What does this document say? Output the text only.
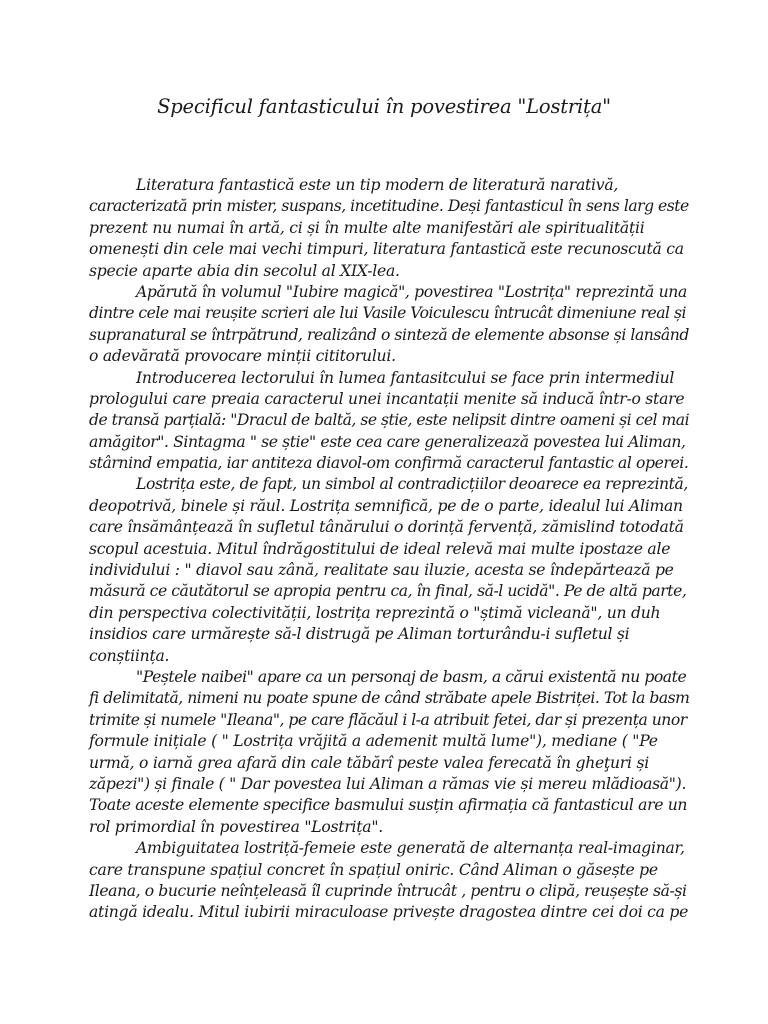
Specificul fantasticului în povestirea "Lostrița"
Literatura fantastică este un tip modern de literatură narativă,
caracterizată prin mister, suspans, incetitudine. Deși fantasticul în sens larg este
prezent nu numai în artă, ci și în multe alte manifestări ale spiritualității
omenești din cele mai vechi timpuri, literatura fantastică este recunoscută ca
specie aparte abia din secolul al XIX-lea.
Apărută în volumul "Iubire magică", povestirea "Lostrița" reprezintă una
dintre cele mai reușite scrieri ale lui Vasile Voiculescu întrucât dimeniune real și
supranatural se întrpătrund, realizând o sinteză de elemente absonse și lansând
o adevărată provocare minții cititorului.
Introducerea lectorului în lumea fantasitcului se face prin intermediul
prologului care preaia caracterul unei incantații menite să inducă într-o stare
de transă parțială: "Dracul de baltă, se știe, este nelipsit dintre oameni și cel mai
amăgitor". Sintagma " se știe" este cea care generalizează povestea lui Aliman,
stârnind empatia, iar antiteza diavol-om confirmă caracterul fantastic al operei.
Lostrița este, de fapt, un simbol al contradicțiilor deoarece ea reprezintă,
deopotrivă, binele și răul. Lostrița semnifică, pe de o parte, idealul lui Aliman
care însămânțează în sufletul tânărului o dorință fervență, zămislind totodată
scopul acestuia. Mitul îndrăgostitului de ideal relevă mai multe ipostaze ale
individului : " diavol sau zână, realitate sau iluzie, acesta se îndepărtează pe
măsură ce căutătorul se apropia pentru ca, în final, să-l ucidă". Pe de altă parte,
din perspectiva colectivității, lostrița reprezintă o "știmă vicleană", un duh
insidios care urmărește să-l distrugă pe Aliman torturându-i sufletul și
conștiința.
"Peștele naibei" apare ca un personaj de basm, a cărui existentă nu poate
fi delimitată, nimeni nu poate spune de când străbate apele Bistriței. Tot la basm
trimite și numele "Ileana", pe care flăcăul i l-a atribuit fetei, dar și prezența unor
formule inițiale ( " Lostrița vrăjită a ademenit multă lume"), mediane ( "Pe
urmă, o iarnă grea afară din cale tăbărî peste valea ferecată în gheţuri și
zăpezi") și finale ( " Dar povestea lui Aliman a rămas vie și mereu mlădioasă").
Toate aceste elemente specifice basmului susțin afirmația că fantasticul are un
rol primordial în povestirea "Lostrița".
Ambiguitatea lostriță-femeie este generată de alternanța real-imaginar,
care transpune spațiul concret în spațiul oniric. Când Aliman o găsește pe
Ileana, o bucurie neînțeleasă îl cuprinde întrucât , pentru o clipă, reușește să-și
atingă idealu. Mitul iubirii miraculoase privește dragostea dintre cei doi ca pe
